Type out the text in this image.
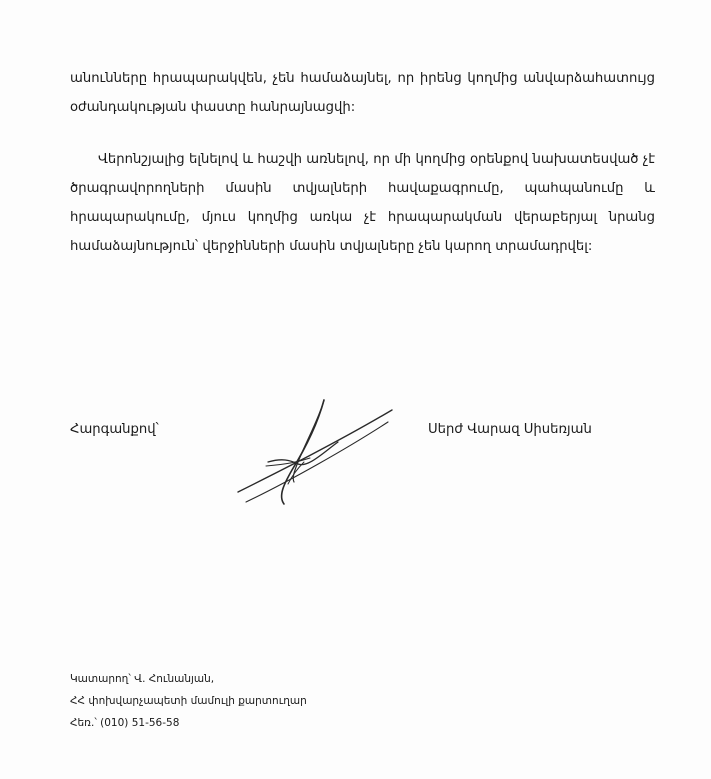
անունները հրապարակվեն, չեն համաձայնել, որ իրենց կողմից անվարձահատույց օժանդակության փաստը հանրայնացվի:
Վերոնշյալից ելնելով և հաշվի առնելով, որ մի կողմից օրենքով նախատեսված չէ ծրագրավորողների մասին տվյալների հավաքագրումը, պահպանումը և հրապարակումը, մյուս կողմից առկա չէ հրապարակման վերաբերյալ նրանց համաձայնություն՝ վերջինների մասին տվյալները չեն կարող տրամադրվել:
Հարգանքով՝	Սերժ Վարազ Սիսեռյան
Կատարող՝ Վ. Հունանյան,
ՀՀ փոխվարչապետի մամուլի քարտուղար
Հեռ.՝ (010) 51-56-58
